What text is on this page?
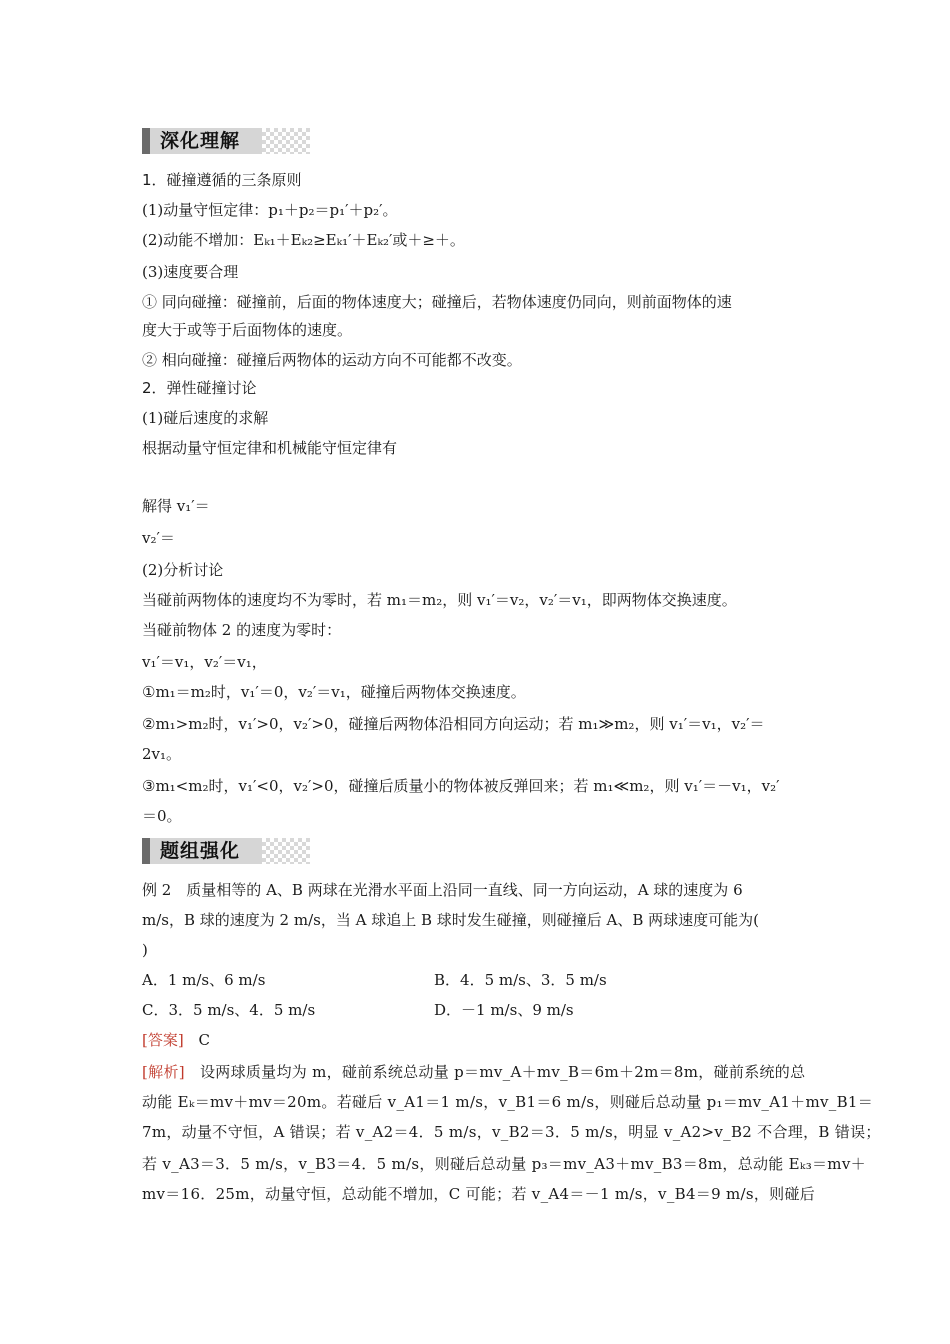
深化理解
1．碰撞遵循的三条原则
(1)动量守恒定律：p₁＋p₂＝p₁′＋p₂′。
(2)动能不增加：Eₖ₁＋Eₖ₂≥Eₖ₁′＋Eₖ₂′或＋≥＋。
(3)速度要合理
① 同向碰撞：碰撞前，后面的物体速度大；碰撞后，若物体速度仍同向，则前面物体的速
度大于或等于后面物体的速度。
② 相向碰撞：碰撞后两物体的运动方向不可能都不改变。
2．弹性碰撞讨论
(1)碰后速度的求解
根据动量守恒定律和机械能守恒定律有
解得 v₁′＝
v₂′＝
(2)分析讨论
当碰前两物体的速度均不为零时，若 m₁＝m₂，则 v₁′＝v₂，v₂′＝v₁，即两物体交换速度。
当碰前物体 2 的速度为零时：
v₁′＝v₁，v₂′＝v₁，
①m₁＝m₂时，v₁′＝0，v₂′＝v₁，碰撞后两物体交换速度。
②m₁>m₂时，v₁′>0，v₂′>0，碰撞后两物体沿相同方向运动；若 m₁≫m₂，则 v₁′＝v₁，v₂′＝
2v₁。
③m₁<m₂时，v₁′<0，v₂′>0，碰撞后质量小的物体被反弹回来；若 m₁≪m₂，则 v₁′＝－v₁，v₂′
＝0。
题组强化
例 2　质量相等的 A、B 两球在光滑水平面上沿同一直线、同一方向运动，A 球的速度为 6
m/s，B 球的速度为 2 m/s，当 A 球追上 B 球时发生碰撞，则碰撞后 A、B 两球速度可能为(
)
A．1 m/s、6 m/s	B．4．5 m/s、3．5 m/s
C．3．5 m/s、4．5 m/s	D．－1 m/s、9 m/s
[答案] C
[解析] 设两球质量均为 m，碰前系统总动量 p＝mv_A＋mv_B＝6m＋2m＝8m，碰前系统的总
动能 Eₖ＝mv＋mv＝20m。若碰后 v_A1＝1 m/s，v_B1＝6 m/s，则碰后总动量 p₁＝mv_A1＋mv_B1＝
7m，动量不守恒，A 错误；若 v_A2＝4．5 m/s，v_B2＝3．5 m/s，明显 v_A2>v_B2 不合理，B 错误；
若 v_A3＝3．5 m/s，v_B3＝4．5 m/s，则碰后总动量 p₃＝mv_A3＋mv_B3＝8m，总动能 Eₖ₃＝mv＋
mv＝16．25m，动量守恒，总动能不增加，C 可能；若 v_A4＝－1 m/s，v_B4＝9 m/s，则碰后
